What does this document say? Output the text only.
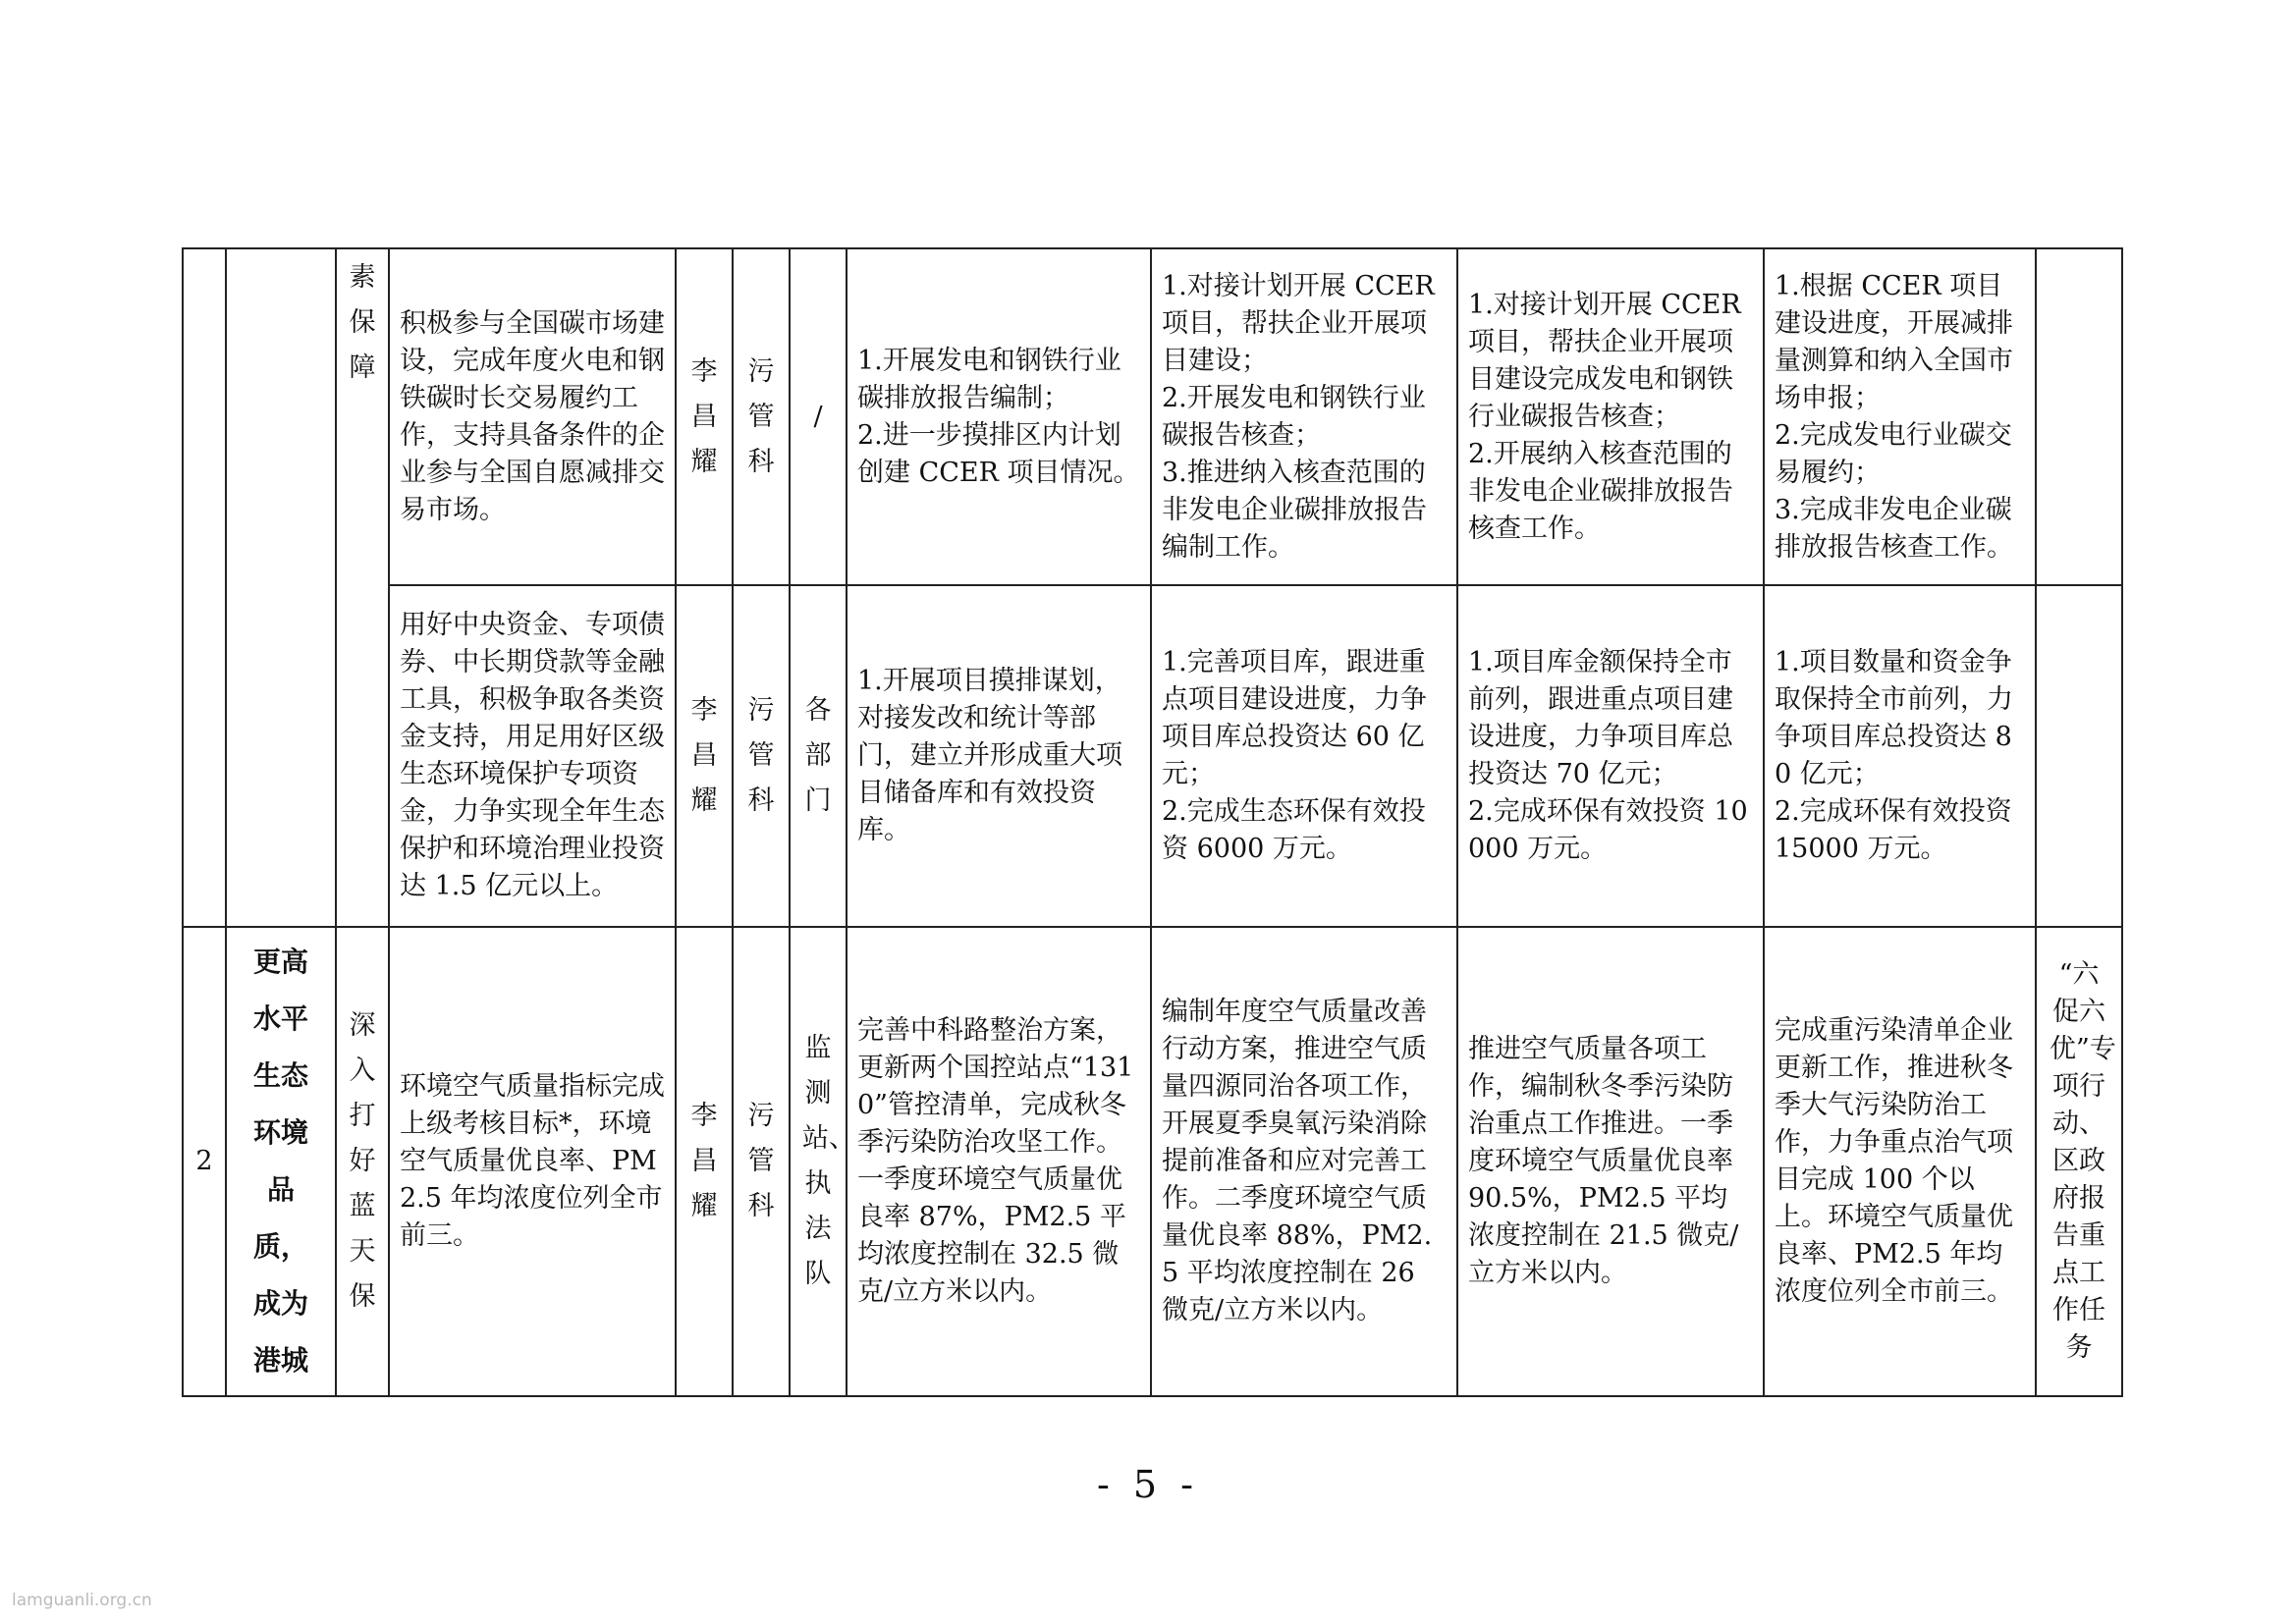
		素保障	积极参与全国碳市场建设，完成年度火电和钢铁碳时长交易履约工作，支持具备条件的企业参与全国自愿减排交易市场。	李昌耀	污管科	/	1.开展发电和钢铁行业碳排放报告编制；
2.进一步摸排区内计划创建 CCER 项目情况。	1.对接计划开展 CCER 项目，帮扶企业开展项目建设；
2.开展发电和钢铁行业碳报告核查；
3.推进纳入核查范围的非发电企业碳排放报告编制工作。	1.对接计划开展 CCER 项目，帮扶企业开展项目建设完成发电和钢铁行业碳报告核查；
2.开展纳入核查范围的非发电企业碳排放报告核查工作。	1.根据 CCER 项目建设进度，开展减排量测算和纳入全国市场申报；
2.完成发电行业碳交易履约；
3.完成非发电企业碳排放报告核查工作。	
			用好中央资金、专项债券、中长期贷款等金融工具，积极争取各类资金支持，用足用好区级生态环境保护专项资金，力争实现全年生态保护和环境治理业投资达 1.5 亿元以上。	李昌耀	污管科	各部门	1.开展项目摸排谋划，对接发改和统计等部门，建立并形成重大项目储备库和有效投资库。	1.完善项目库，跟进重点项目建设进度，力争项目库总投资达 60 亿元；
2.完成生态环保有效投资 6000 万元。	1.项目库金额保持全市前列，跟进重点项目建设进度，力争项目库总投资达 70 亿元；
2.完成环保有效投资 10000 万元。	1.项目数量和资金争取保持全市前列，力争项目库总投资达 80 亿元；
2.完成环保有效投资 15000 万元。	
2	更高水平生态环境品质，成为港城	深入打好蓝天保	环境空气质量指标完成上级考核目标*，环境空气质量优良率、PM2.5 年均浓度位列全市前三。	李昌耀	污管科	监测站、执法队	完善中科路整治方案，更新两个国控站点“1310”管控清单，完成秋冬季污染防治攻坚工作。一季度环境空气质量优良率 87%，PM2.5 平均浓度控制在 32.5 微克/立方米以内。	编制年度空气质量改善行动方案，推进空气质量四源同治各项工作，开展夏季臭氧污染消除提前准备和应对完善工作。二季度环境空气质量优良率 88%，PM2.5 平均浓度控制在 26 微克/立方米以内。	推进空气质量各项工作，编制秋冬季污染防治重点工作推进。一季度环境空气质量优良率 90.5%，PM2.5 平均浓度控制在 21.5 微克/立方米以内。	完成重污染清单企业更新工作，推进秋冬季大气污染防治工作，力争重点治气项目完成 100 个以上。环境空气质量优良率、PM2.5 年均浓度位列全市前三。	“六促六优”专项行动、区政府报告重点工作任务
- 5 -
lamguanli.org.cn
